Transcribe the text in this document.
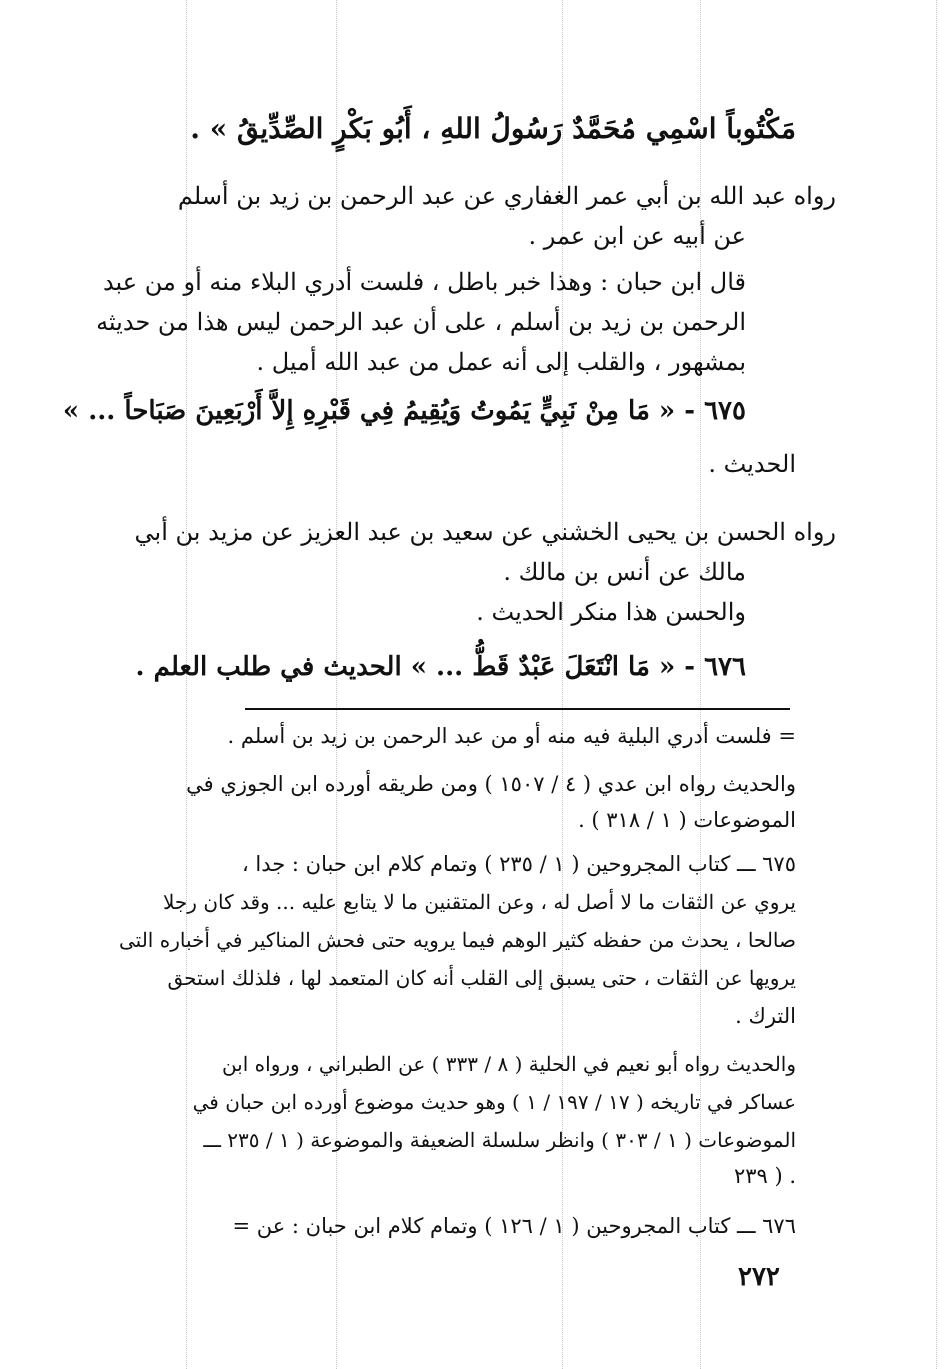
مَكْتُوباً اسْمِي مُحَمَّدٌ رَسُولُ اللهِ ، أَبُو بَكْرٍ الصِّدِّيقُ » .
رواه عبد الله بن أبي عمر الغفاري عن عبد الرحمن بن زيد بن أسلم
عن أبيه عن ابن عمر .
قال ابن حبان : وهذا خبر باطل ، فلست أدري البلاء منه أو من عبد
الرحمن بن زيد بن أسلم ، على أن عبد الرحمن ليس هذا من حديثه
بمشهور ، والقلب إلى أنه عمل من عبد الله أميل .
٦٧٥ - « مَا مِنْ نَبِيٍّ يَمُوتُ وَيُقِيمُ فِي قَبْرِهِ إِلاَّ أَرْبَعِينَ صَبَاحاً ... »
الحديث .
رواه الحسن بن يحيى الخشني عن سعيد بن عبد العزيز عن مزيد بن أبي
مالك عن أنس بن مالك .
والحسن هذا منكر الحديث .
٦٧٦ - « مَا انْتَعَلَ عَبْدٌ قَطُّ ... » الحديث في طلب العلم .
= فلست أدري البلية فيه منه أو من عبد الرحمن بن زيد بن أسلم .
والحديث رواه ابن عدي ( ٤ / ١٥٠٧ ) ومن طريقه أورده ابن الجوزي في
الموضوعات ( ١ / ٣١٨ ) .
٦٧٥ ـــ كتاب المجروحين ( ١ / ٢٣٥ ) وتمام كلام ابن حبان : جدا ،
يروي عن الثقات ما لا أصل له ، وعن المتقنين ما لا يتابع عليه ... وقد كان رجلا
صالحا ، يحدث من حفظه كثير الوهم فيما يرويه حتى فحش المناكير في أخباره التى
يرويها عن الثقات ، حتى يسبق إلى القلب أنه كان المتعمد لها ، فلذلك استحق
الترك .
والحديث رواه أبو نعيم في الحلية ( ٨ / ٣٣٣ ) عن الطبراني ، ورواه ابن
عساكر في تاريخه ( ١٧ / ١٩٧ / ١ ) وهو حديث موضوع أورده ابن حبان في
الموضوعات ( ١ / ٣٠٣ ) وانظر سلسلة الضعيفة والموضوعة ( ١ / ٢٣٥ ـــ
٢٣٩ ) .
٦٧٦ ـــ كتاب المجروحين ( ١ / ١٢٦ ) وتمام كلام ابن حبان : عن =
٢٧٢
